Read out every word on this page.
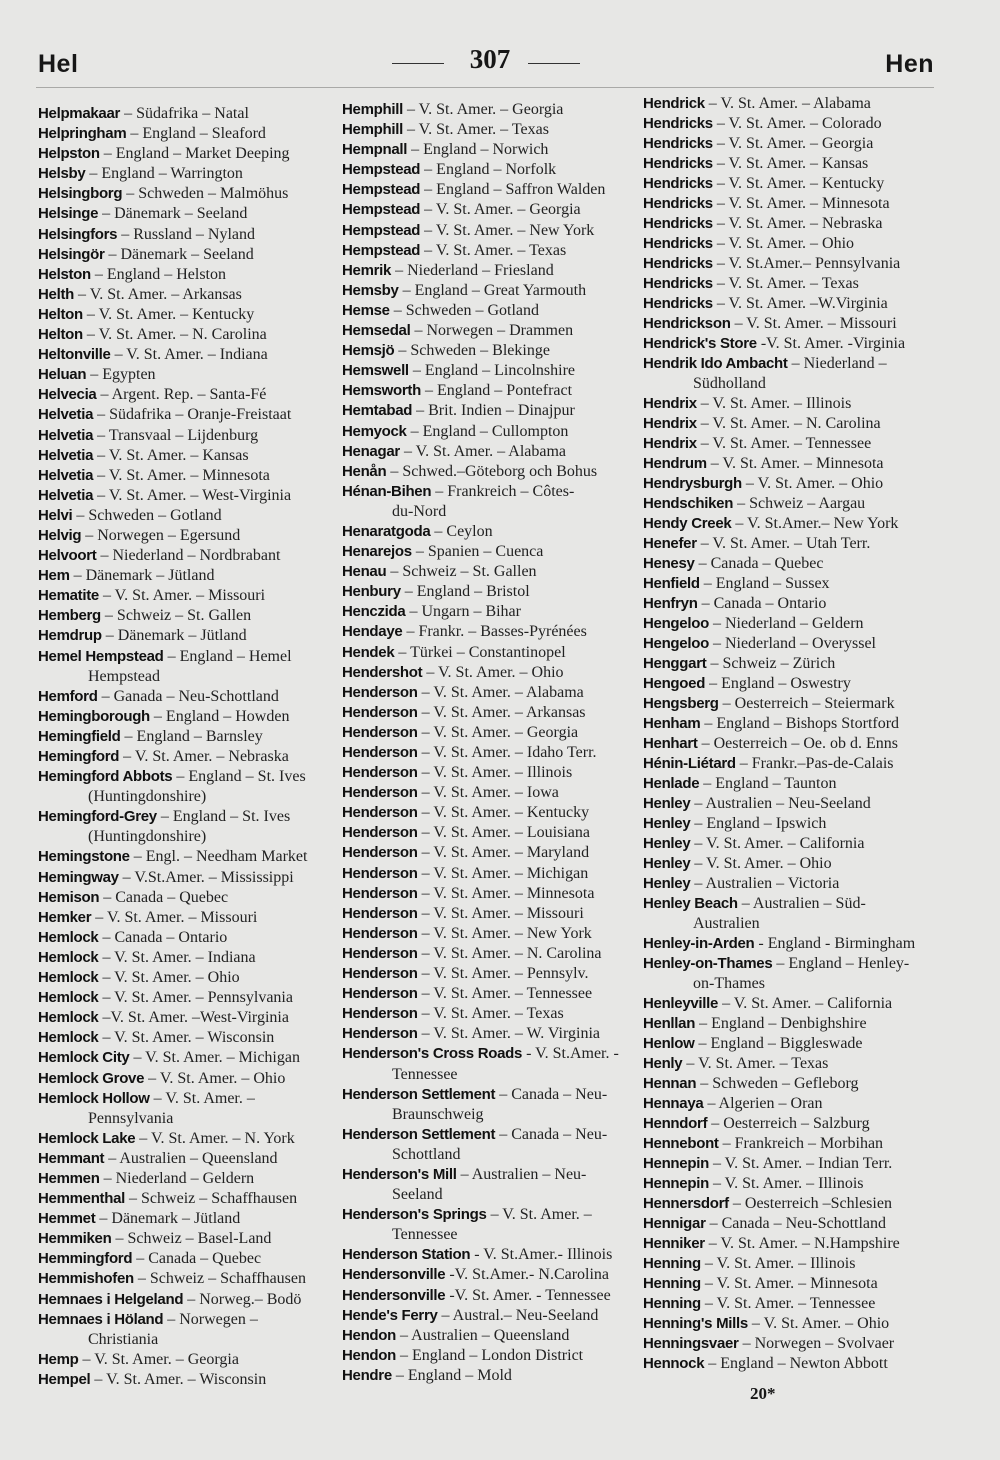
Hel	307	Hen
Helpmakaar – Südafrika – Natal
Helpringham – England – Sleaford
Helpston – England – Market Deeping
Helsby – England – Warrington
Helsingborg – Schweden – Malmöhus
Helsinge – Dänemark – Seeland
Helsingfors – Russland – Nyland
Helsingör – Dänemark – Seeland
Helston – England – Helston
Helth – V. St. Amer. – Arkansas
Helton – V. St. Amer. – Kentucky
Helton – V. St. Amer. – N. Carolina
Heltonville – V. St. Amer. – Indiana
Heluan – Egypten
Helvecia – Argent. Rep. – Santa-Fé
Helvetia – Südafrika – Oranje-Freistaat
Helvetia – Transvaal – Lijdenburg
Helvetia – V. St. Amer. – Kansas
Helvetia – V. St. Amer. – Minnesota
Helvetia – V. St. Amer. – West-Virginia
Helvi – Schweden – Gotland
Helvig – Norwegen – Egersund
Helvoort – Niederland – Nordbrabant
Hem – Dänemark – Jütland
Hematite – V. St. Amer. – Missouri
Hemberg – Schweiz – St. Gallen
Hemdrup – Dänemark – Jütland
Hemel Hempstead – England – Hemel
Hempstead
Hemford – Ganada – Neu-Schottland
Hemingborough – England – Howden
Hemingfield – England – Barnsley
Hemingford – V. St. Amer. – Nebraska
Hemingford Abbots – England – St. Ives
(Huntingdonshire)
Hemingford-Grey – England – St. Ives
(Huntingdonshire)
Hemingstone – Engl. – Needham Market
Hemingway – V.St.Amer. – Mississippi
Hemison – Canada – Quebec
Hemker – V. St. Amer. – Missouri
Hemlock – Canada – Ontario
Hemlock – V. St. Amer. – Indiana
Hemlock – V. St. Amer. – Ohio
Hemlock – V. St. Amer. – Pennsylvania
Hemlock –V. St. Amer. –West-Virginia
Hemlock – V. St. Amer. – Wisconsin
Hemlock City – V. St. Amer. – Michigan
Hemlock Grove – V. St. Amer. – Ohio
Hemlock Hollow – V. St. Amer. –
Pennsylvania
Hemlock Lake – V. St. Amer. – N. York
Hemmant – Australien – Queensland
Hemmen – Niederland – Geldern
Hemmenthal – Schweiz – Schaffhausen
Hemmet – Dänemark – Jütland
Hemmiken – Schweiz – Basel-Land
Hemmingford – Canada – Quebec
Hemmishofen – Schweiz – Schaffhausen
Hemnaes i Helgeland – Norweg.– Bodö
Hemnaes i Höland – Norwegen –
Christiania
Hemp – V. St. Amer. – Georgia
Hempel – V. St. Amer. – Wisconsin
Hemphill – V. St. Amer. – Georgia
Hemphill – V. St. Amer. – Texas
Hempnall – England – Norwich
Hempstead – England – Norfolk
Hempstead – England – Saffron Walden
Hempstead – V. St. Amer. – Georgia
Hempstead – V. St. Amer. – New York
Hempstead – V. St. Amer. – Texas
Hemrik – Niederland – Friesland
Hemsby – England – Great Yarmouth
Hemse – Schweden – Gotland
Hemsedal – Norwegen – Drammen
Hemsjö – Schweden – Blekinge
Hemswell – England – Lincolnshire
Hemsworth – England – Pontefract
Hemtabad – Brit. Indien – Dinajpur
Hemyock – England – Cullompton
Henagar – V. St. Amer. – Alabama
Henån – Schwed.–Göteborg och Bohus
Hénan-Bihen – Frankreich – Côtes-
du-Nord
Henaratgoda – Ceylon
Henarejos – Spanien – Cuenca
Henau – Schweiz – St. Gallen
Henbury – England – Bristol
Henczida – Ungarn – Bihar
Hendaye – Frankr. – Basses-Pyrénées
Hendek – Türkei – Constantinopel
Hendershot – V. St. Amer. – Ohio
Henderson – V. St. Amer. – Alabama
Henderson – V. St. Amer. – Arkansas
Henderson – V. St. Amer. – Georgia
Henderson – V. St. Amer. – Idaho Terr.
Henderson – V. St. Amer. – Illinois
Henderson – V. St. Amer. – Iowa
Henderson – V. St. Amer. – Kentucky
Henderson – V. St. Amer. – Louisiana
Henderson – V. St. Amer. – Maryland
Henderson – V. St. Amer. – Michigan
Henderson – V. St. Amer. – Minnesota
Henderson – V. St. Amer. – Missouri
Henderson – V. St. Amer. – New York
Henderson – V. St. Amer. – N. Carolina
Henderson – V. St. Amer. – Pennsylv.
Henderson – V. St. Amer. – Tennessee
Henderson – V. St. Amer. – Texas
Henderson – V. St. Amer. – W. Virginia
Henderson's Cross Roads - V. St.Amer. -
Tennessee
Henderson Settlement – Canada – Neu-
Braunschweig
Henderson Settlement – Canada – Neu-
Schottland
Henderson's Mill – Australien – Neu-
Seeland
Henderson's Springs – V. St. Amer. –
Tennessee
Henderson Station - V. St.Amer.- Illinois
Hendersonville -V. St.Amer.- N.Carolina
Hendersonville -V. St. Amer. - Tennessee
Hende's Ferry – Austral.– Neu-Seeland
Hendon – Australien – Queensland
Hendon – England – London District
Hendre – England – Mold
Hendrick – V. St. Amer. – Alabama
Hendricks – V. St. Amer. – Colorado
Hendricks – V. St. Amer. – Georgia
Hendricks – V. St. Amer. – Kansas
Hendricks – V. St. Amer. – Kentucky
Hendricks – V. St. Amer. – Minnesota
Hendricks – V. St. Amer. – Nebraska
Hendricks – V. St. Amer. – Ohio
Hendricks – V. St.Amer.– Pennsylvania
Hendricks – V. St. Amer. – Texas
Hendricks – V. St. Amer. –W.Virginia
Hendrickson – V. St. Amer. – Missouri
Hendrick's Store -V. St. Amer. -Virginia
Hendrik Ido Ambacht – Niederland –
Südholland
Hendrix – V. St. Amer. – Illinois
Hendrix – V. St. Amer. – N. Carolina
Hendrix – V. St. Amer. – Tennessee
Hendrum – V. St. Amer. – Minnesota
Hendrysburgh – V. St. Amer. – Ohio
Hendschiken – Schweiz – Aargau
Hendy Creek – V. St.Amer.– New York
Henefer – V. St. Amer. – Utah Terr.
Henesy – Canada – Quebec
Henfield – England – Sussex
Henfryn – Canada – Ontario
Hengeloo – Niederland – Geldern
Hengeloo – Niederland – Overyssel
Henggart – Schweiz – Zürich
Hengoed – England – Oswestry
Hengsberg – Oesterreich – Steiermark
Henham – England – Bishops Stortford
Henhart – Oesterreich – Oe. ob d. Enns
Hénin-Liétard – Frankr.–Pas-de-Calais
Henlade – England – Taunton
Henley – Australien – Neu-Seeland
Henley – England – Ipswich
Henley – V. St. Amer. – California
Henley – V. St. Amer. – Ohio
Henley – Australien – Victoria
Henley Beach – Australien – Süd-
Australien
Henley-in-Arden - England - Birmingham
Henley-on-Thames – England – Henley-
on-Thames
Henleyville – V. St. Amer. – California
Henllan – England – Denbighshire
Henlow – England – Biggleswade
Henly – V. St. Amer. – Texas
Hennan – Schweden – Gefleborg
Hennaya – Algerien – Oran
Henndorf – Oesterreich – Salzburg
Hennebont – Frankreich – Morbihan
Hennepin – V. St. Amer. – Indian Terr.
Hennepin – V. St. Amer. – Illinois
Hennersdorf – Oesterreich –Schlesien
Hennigar – Canada – Neu-Schottland
Henniker – V. St. Amer. – N.Hampshire
Henning – V. St. Amer. – Illinois
Henning – V. St. Amer. – Minnesota
Henning – V. St. Amer. – Tennessee
Henning's Mills – V. St. Amer. – Ohio
Henningsvaer – Norwegen – Svolvaer
Hennock – England – Newton Abbott
20*
